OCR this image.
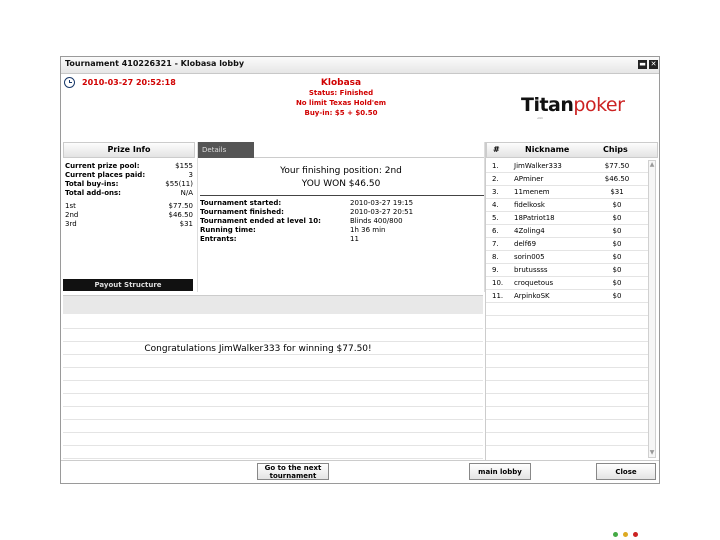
Tournament 410226321 - Klobasa lobby	▬ ✕
2010-03-27 20:52:18	Klobasa
Status: Finished
No limit Texas Hold'em
Buy-in: $5 + $0.50	Titanpoker
.com
Prize Info
Current prize pool:	$155
Current places paid:	3
Total buy-ins:	$55(11)
Total add-ons:	N/A
1st	$77.50
2nd	$46.50
3rd	$31
Payout Structure
Details
Your finishing position: 2nd
YOU WON $46.50
Tournament started:	2010-03-27 19:15
Tournament finished:	2010-03-27 20:51
Tournament ended at level 10:	Blinds 400/800
Running time:	1h 36 min
Entrants:	11
#	Nickname	Chips
1. JimWalker333	$77.50
2. APminer	$46.50
3. 11menem	$31
4. fidelkosk	$0
5. 18Patriot18	$0
6. 4Zoling4	$0
7. delf69	$0
8. sorin005	$0
9. brutussss	$0
10. croquetous	$0
11. ArpinkoSK	$0
▲
▼
Congratulations JimWalker333 for winning $77.50!
Go to the next tournament	main lobby	Close
